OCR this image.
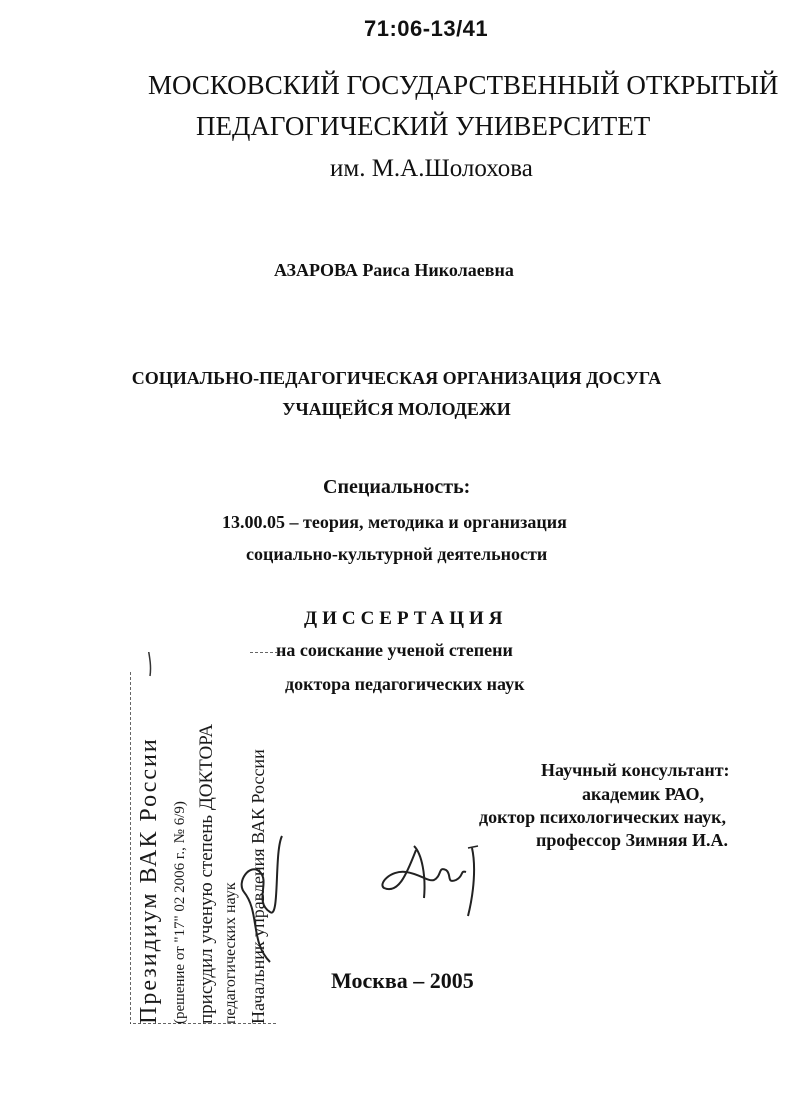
71:06-13/41
МОСКОВСКИЙ ГОСУДАРСТВЕННЫЙ ОТКРЫТЫЙ
ПЕДАГОГИЧЕСКИЙ УНИВЕРСИТЕТ
им. М.А.Шолохова
АЗАРОВА Раиса Николаевна
СОЦИАЛЬНО-ПЕДАГОГИЧЕСКАЯ ОРГАНИЗАЦИЯ ДОСУГА
УЧАЩЕЙСЯ МОЛОДЕЖИ
Специальность:
13.00.05 – теория, методика и организация
социально-культурной деятельности
ДИССЕРТАЦИЯ
на соискание ученой степени
доктора педагогических наук
Научный консультант:
академик РАО,
доктор психологических наук,
профессор Зимняя И.А.
Москва – 2005
Президиум ВАК России (решение от "17" 02 2006 г., № 6/9) присудил ученую степень ДОКТОРА педагогических наук Начальник управления ВАК России
